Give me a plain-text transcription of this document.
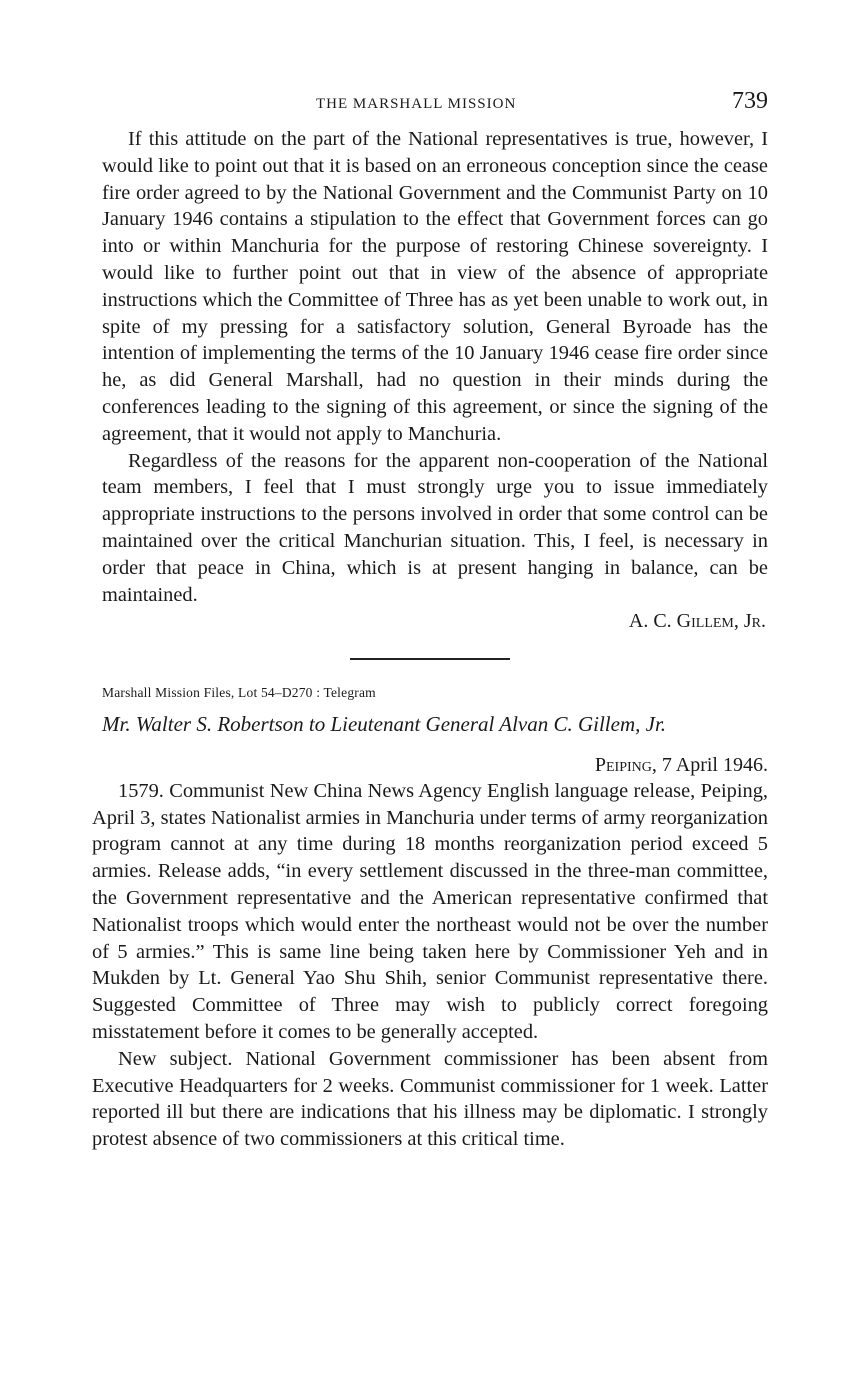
THE MARSHALL MISSION	739

If this attitude on the part of the National representatives is true, however, I would like to point out that it is based on an erroneous conception since the cease fire order agreed to by the National Government and the Communist Party on 10 January 1946 contains a stipulation to the effect that Government forces can go into or within Manchuria for the purpose of restoring Chinese sovereignty. I would like to further point out that in view of the absence of appropriate instructions which the Committee of Three has as yet been unable to work out, in spite of my pressing for a satisfactory solution, General Byroade has the intention of implementing the terms of the 10 January 1946 cease fire order since he, as did General Marshall, had no question in their minds during the conferences leading to the signing of this agreement, or since the signing of the agreement, that it would not apply to Manchuria.

Regardless of the reasons for the apparent non-cooperation of the National team members, I feel that I must strongly urge you to issue immediately appropriate instructions to the persons involved in order that some control can be maintained over the critical Manchurian situation. This, I feel, is necessary in order that peace in China, which is at present hanging in balance, can be maintained.

A. C. Gillem, Jr.
Marshall Mission Files, Lot 54–D270 : Telegram
Mr. Walter S. Robertson to Lieutenant General Alvan C. Gillem, Jr.
Peiping, 7 April 1946.

1579. Communist New China News Agency English language release, Peiping, April 3, states Nationalist armies in Manchuria under terms of army reorganization program cannot at any time during 18 months reorganization period exceed 5 armies. Release adds, “in every settlement discussed in the three-man committee, the Government representative and the American representative confirmed that Nationalist troops which would enter the northeast would not be over the number of 5 armies.” This is same line being taken here by Commissioner Yeh and in Mukden by Lt. General Yao Shu Shih, senior Communist representative there. Suggested Committee of Three may wish to publicly correct foregoing misstatement before it comes to be generally accepted.

New subject. National Government commissioner has been absent from Executive Headquarters for 2 weeks. Communist commissioner for 1 week. Latter reported ill but there are indications that his illness may be diplomatic. I strongly protest absence of two commissioners at this critical time.
